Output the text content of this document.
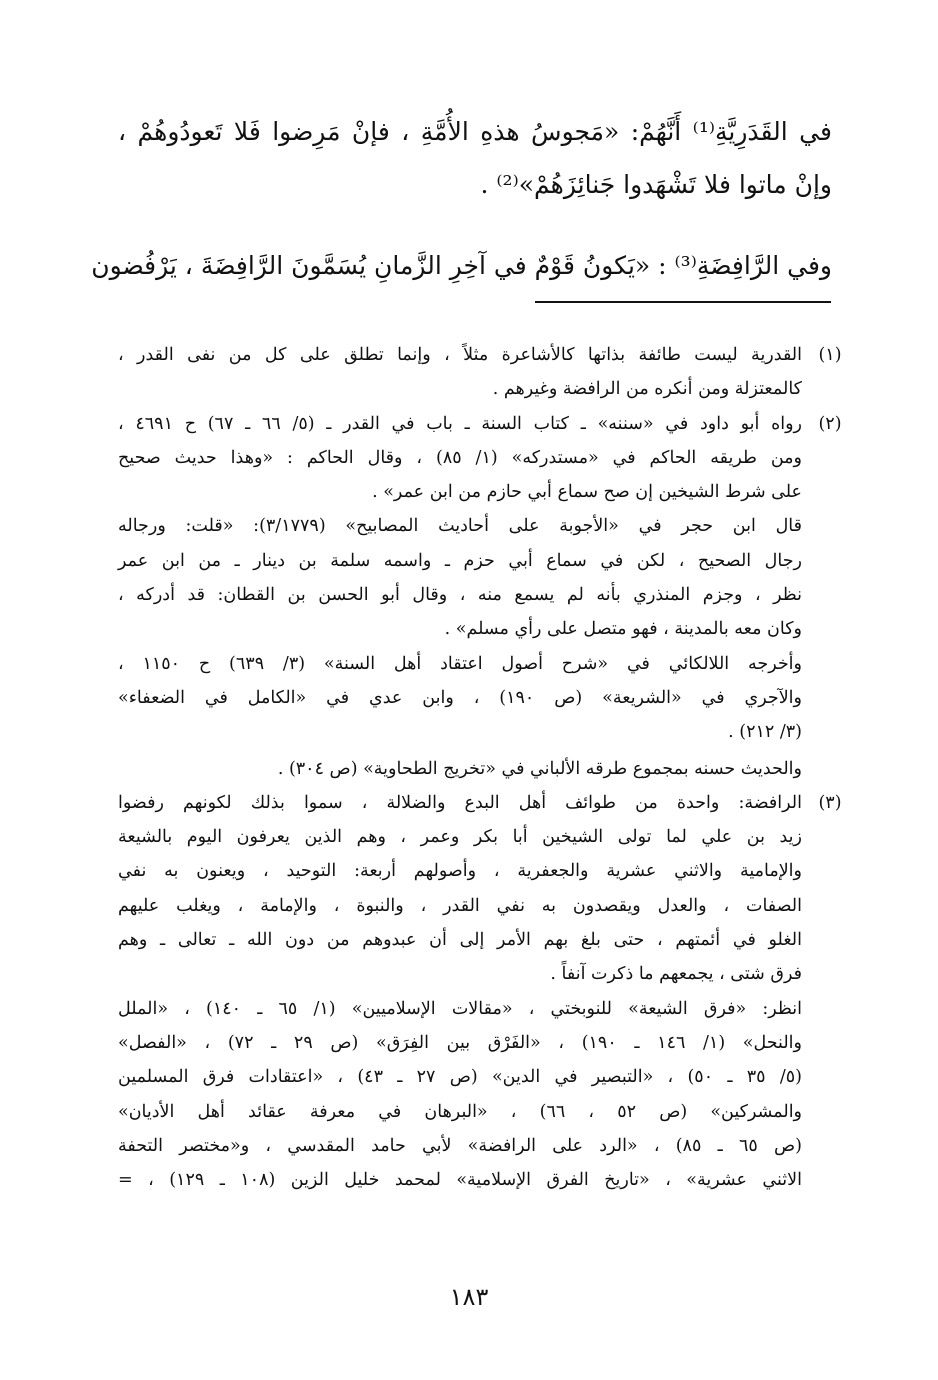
في القَدَرِيَّةِ⁽¹⁾ أَنَّهُمْ: «مَجوسُ هذهِ الأُمَّةِ ، فإنْ مَرِضوا فَلا تَعودُوهُمْ ،
وإنْ ماتوا فلا تَشْهَدوا جَنائِزَهُمْ»⁽²⁾ .
وفي الرَّافِضَةِ⁽³⁾ : «يَكونُ قَوْمٌ في آخِرِ الزَّمانِ يُسَمَّونَ الرَّافِضَةَ ، يَرْفُضون
(١)
القدرية ليست طائفة بذاتها كالأشاعرة مثلاً ، وإنما تطلق على كل من نفى القدر ،
كالمعتزلة ومن أنكره من الرافضة وغيرهم .
(٢)
رواه أبو داود في «سننه» ـ كتاب السنة ـ باب في القدر ـ (٥/ ٦٦ ـ ٦٧) ح ٤٦٩١ ،
ومن طريقه الحاكم في «مستدركه» (١/ ٨٥) ، وقال الحاكم : «وهذا حديث صحيح
على شرط الشيخين إن صح سماع أبي حازم من ابن عمر» .
قال ابن حجر في «الأجوبة على أحاديث المصابيح» (٣/١٧٧٩): «قلت: ورجاله
رجال الصحيح ، لكن في سماع أبي حزم ـ واسمه سلمة بن دينار ـ من ابن عمر
نظر ، وجزم المنذري بأنه لم يسمع منه ، وقال أبو الحسن بن القطان: قد أدركه ،
وكان معه بالمدينة ، فهو متصل على رأي مسلم» .
وأخرجه اللالكائي في «شرح أصول اعتقاد أهل السنة» (٣/ ٦٣٩) ح ١١٥٠ ،
والآجري في «الشريعة» (ص ١٩٠) ، وابن عدي في «الكامل في الضعفاء»
(٣/ ٢١٢) .
والحديث حسنه بمجموع طرقه الألباني في «تخريج الطحاوية» (ص ٣٠٤) .
(٣)
الرافضة: واحدة من طوائف أهل البدع والضلالة ، سموا بذلك لكونهم رفضوا
زيد بن علي لما تولى الشيخين أبا بكر وعمر ، وهم الذين يعرفون اليوم بالشيعة
والإمامية والاثني عشرية والجعفرية ، وأصولهم أربعة: التوحيد ، ويعنون به نفي
الصفات ، والعدل ويقصدون به نفي القدر ، والنبوة ، والإمامة ، ويغلب عليهم
الغلو في أئمتهم ، حتى بلغ بهم الأمر إلى أن عبدوهم من دون الله ـ تعالى ـ وهم
فرق شتى ، يجمعهم ما ذكرت آنفاً .
انظر: «فرق الشيعة» للنوبختي ، «مقالات الإسلاميين» (١/ ٦٥ ـ ١٤٠) ، «الملل
والنحل» (١/ ١٤٦ ـ ١٩٠) ، «الفَرْق بين الفِرَق» (ص ٢٩ ـ ٧٢) ، «الفصل»
(٥/ ٣٥ ـ ٥٠) ، «التبصير في الدين» (ص ٢٧ ـ ٤٣) ، «اعتقادات فرق المسلمين
والمشركين» (ص ٥٢ ، ٦٦) ، «البرهان في معرفة عقائد أهل الأديان»
(ص ٦٥ ـ ٨٥) ، «الرد على الرافضة» لأبي حامد المقدسي ، و«مختصر التحفة
الاثني عشرية» ، «تاريخ الفرق الإسلامية» لمحمد خليل الزين (١٠٨ ـ ١٢٩) ، =
١٨٣
